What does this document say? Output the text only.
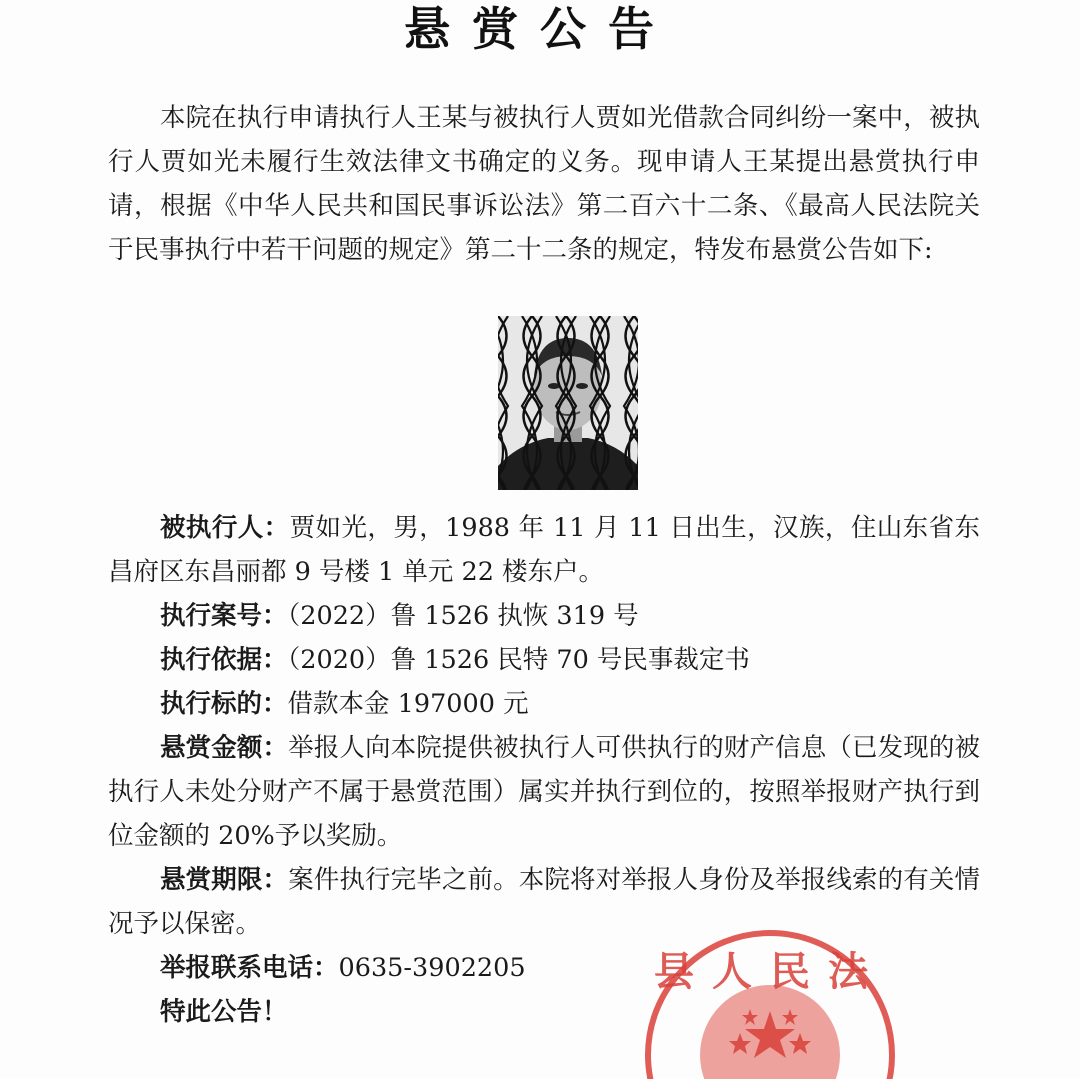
悬赏公告

本院在执行申请执行人王某与被执行人贾如光借款合同纠纷一案中，被执行人贾如光未履行生效法律文书确定的义务。现申请人王某提出悬赏执行申请，根据《中华人民共和国民事诉讼法》第二百六十二条、《最高人民法院关于民事执行中若干问题的规定》第二十二条的规定，特发布悬赏公告如下:

被执行人：贾如光，男，1988 年 11 月 11 日出生，汉族，住山东省东昌府区东昌丽都 9 号楼 1 单元 22 楼东户。

执行案号：（2022）鲁 1526 执恢 319 号

执行依据：（2020）鲁 1526 民特 70 号民事裁定书

执行标的：借款本金 197000 元

悬赏金额：举报人向本院提供被执行人可供执行的财产信息（已发现的被执行人未处分财产不属于悬赏范围）属实并执行到位的，按照举报财产执行到位金额的 20%予以奖励。

悬赏期限：案件执行完毕之前。本院将对举报人身份及举报线索的有关情况予以保密。

举报联系电话：0635-3902205

特此公告！

县人民法
